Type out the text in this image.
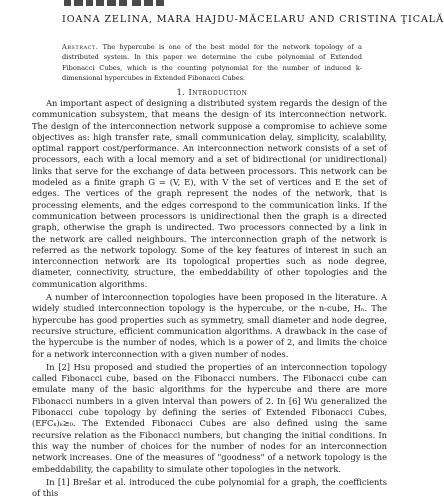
IOANA ZELINA, MARA HAJDU-MĂCELARU AND CRISTINA ŢICALĂ
Abstract. The hypercube is one of the best model for the network topology of a distributed system. In this paper we determine the cube polynomial of Extended Fibonacci Cubes, which is the counting polynomial for the number of induced k-dimensional hypercubes in Extended Fibonacci Cubes.
1. Introduction

An important aspect of designing a distributed system regards the design of the communication subsystem, that means the design of its interconnection network. The design of the interconnection network suppose a compromise to achieve some objectives as: high transfer rate, small communication delay, simplicity, scalability, optimal rapport cost/performance. An interconnection network consists of a set of processors, each with a local memory and a set of bidirectional (or unidirectional) links that serve for the exchange of data between processors. This network can be modeled as a finite graph G = (V, E), with V the set of vertices and E the set of edges. The vertices of the graph represent the nodes of the network, that is processing elements, and the edges correspond to the communication links. If the communication between processors is unidirectional then the graph is a directed graph, otherwise the graph is undirected. Two processors connected by a link in the network are called neighbours. The interconnection graph of the network is referred as the network topology. Some of the key features of interest in such an interconnection network are its topological properties such as node degree, diameter, connectivity, structure, the embeddability of other topologies and the communication algorithms.

A number of interconnection topologies have been proposed in the literature. A widely studied interconnection topology is the hypercube, or the n-cube, Hₙ. The hypercube has good properties such as symmetry, small diameter and node degree, recursive structure, efficient communication algorithms. A drawback in the case of the hypercube is the number of nodes, which is a power of 2, and limits the choice for a network interconnection with a given number of nodes.

In [2] Hsu proposed and studied the properties of an interconnection topology called Fibonacci cube, based on the Fibonacci numbers. The Fibonacci cube can emulate many of the basic algorithms for the hypercube and there are more Fibonacci numbers in a given interval than powers of 2. In [6] Wu generalized the Fibonacci cube topology by defining the series of Extended Fibonacci Cubes, (EFCₖ)ₖ≥₀. The Extended Fibonacci Cubes are also defined using the same recursive relation as the Fibonacci numbers, but changing the initial conditions. In this way the number of choices for the number of nodes for an interconnection network increases. One of the measures of "goodness" of a network topology is the embeddability, the capability to simulate other topologies in the network.

In [1] Brešar et al. introduced the cube polynomial for a graph, the coefficients of this
